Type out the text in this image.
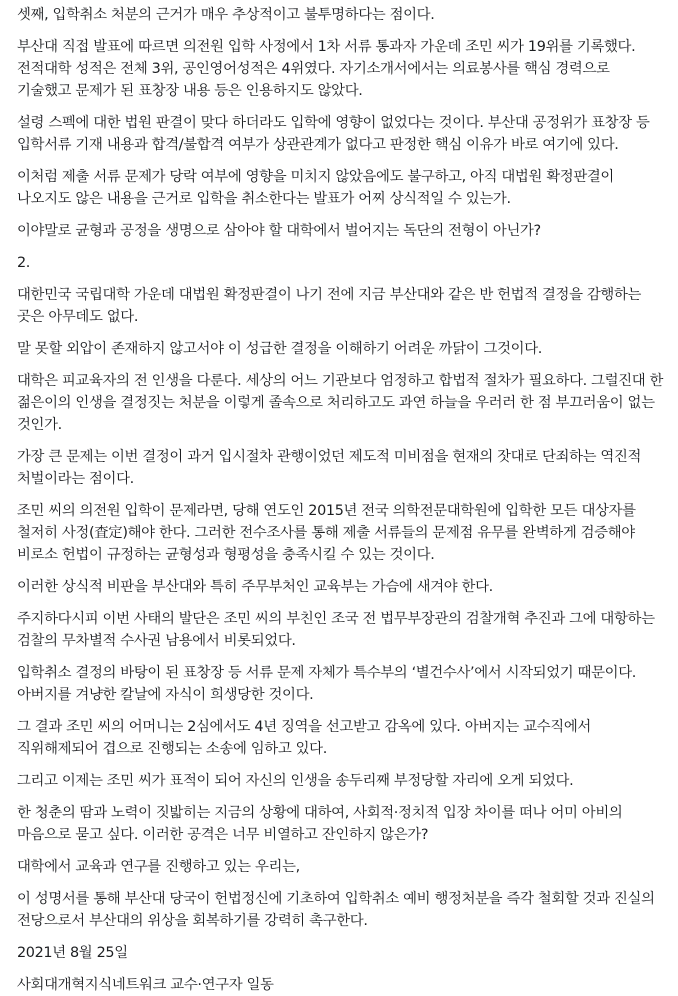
셋째, 입학취소 처분의 근거가 매우 추상적이고 불투명하다는 점이다.

부산대 직접 발표에 따르면 의전원 입학 사정에서 1차 서류 통과자 가운데 조민 씨가 19위를 기록했다. 전적대학 성적은 전체 3위, 공인영어성적은 4위였다. 자기소개서에서는 의료봉사를 핵심 경력으로 기술했고 문제가 된 표창장 내용 등은 인용하지도 않았다.

설령 스펙에 대한 법원 판결이 맞다 하더라도 입학에 영향이 없었다는 것이다. 부산대 공정위가 표창장 등 입학서류 기재 내용과 합격/불합격 여부가 상관관계가 없다고 판정한 핵심 이유가 바로 여기에 있다.

이처럼 제출 서류 문제가 당락 여부에 영향을 미치지 않았음에도 불구하고, 아직 대법원 확정판결이 나오지도 않은 내용을 근거로 입학을 취소한다는 발표가 어찌 상식적일 수 있는가.

이야말로 균형과 공정을 생명으로 삼아야 할 대학에서 벌어지는 독단의 전형이 아닌가?

2.

대한민국 국립대학 가운데 대법원 확정판결이 나기 전에 지금 부산대와 같은 반 헌법적 결정을 감행하는 곳은 아무데도 없다.

말 못할 외압이 존재하지 않고서야 이 성급한 결정을 이해하기 어려운 까닭이 그것이다.

대학은 피교육자의 전 인생을 다룬다. 세상의 어느 기관보다 엄정하고 합법적 절차가 필요하다. 그럴진대 한 젊은이의 인생을 결정짓는 처분을 이렇게 졸속으로 처리하고도 과연 하늘을 우러러 한 점 부끄러움이 없는 것인가.

가장 큰 문제는 이번 결정이 과거 입시절차 관행이었던 제도적 미비점을 현재의 잣대로 단죄하는 역진적 처벌이라는 점이다.

조민 씨의 의전원 입학이 문제라면, 당해 연도인 2015년 전국 의학전문대학원에 입학한 모든 대상자를 철저히 사정(査定)해야 한다. 그러한 전수조사를 통해 제출 서류들의 문제점 유무를 완벽하게 검증해야 비로소 헌법이 규정하는 균형성과 형평성을 충족시킬 수 있는 것이다.

이러한 상식적 비판을 부산대와 특히 주무부처인 교육부는 가슴에 새겨야 한다.

주지하다시피 이번 사태의 발단은 조민 씨의 부친인 조국 전 법무부장관의 검찰개혁 추진과 그에 대항하는 검찰의 무차별적 수사권 남용에서 비롯되었다.

입학취소 결정의 바탕이 된 표창장 등 서류 문제 자체가 특수부의 ‘별건수사’에서 시작되었기 때문이다. 아버지를 겨냥한 칼날에 자식이 희생당한 것이다.

그 결과 조민 씨의 어머니는 2심에서도 4년 징역을 선고받고 감옥에 있다. 아버지는 교수직에서 직위해제되어 겹으로 진행되는 소송에 임하고 있다.

그리고 이제는 조민 씨가 표적이 되어 자신의 인생을 송두리째 부정당할 자리에 오게 되었다.

한 청춘의 땀과 노력이 짓밟히는 지금의 상황에 대하여, 사회적·정치적 입장 차이를 떠나 어미 아비의 마음으로 묻고 싶다. 이러한 공격은 너무 비열하고 잔인하지 않은가?

대학에서 교육과 연구를 진행하고 있는 우리는,

이 성명서를 통해 부산대 당국이 헌법정신에 기초하여 입학취소 예비 행정처분을 즉각 철회할 것과 진실의 전당으로서 부산대의 위상을 회복하기를 강력히 촉구한다.

2021년 8월 25일

사회대개혁지식네트워크 교수·연구자 일동
